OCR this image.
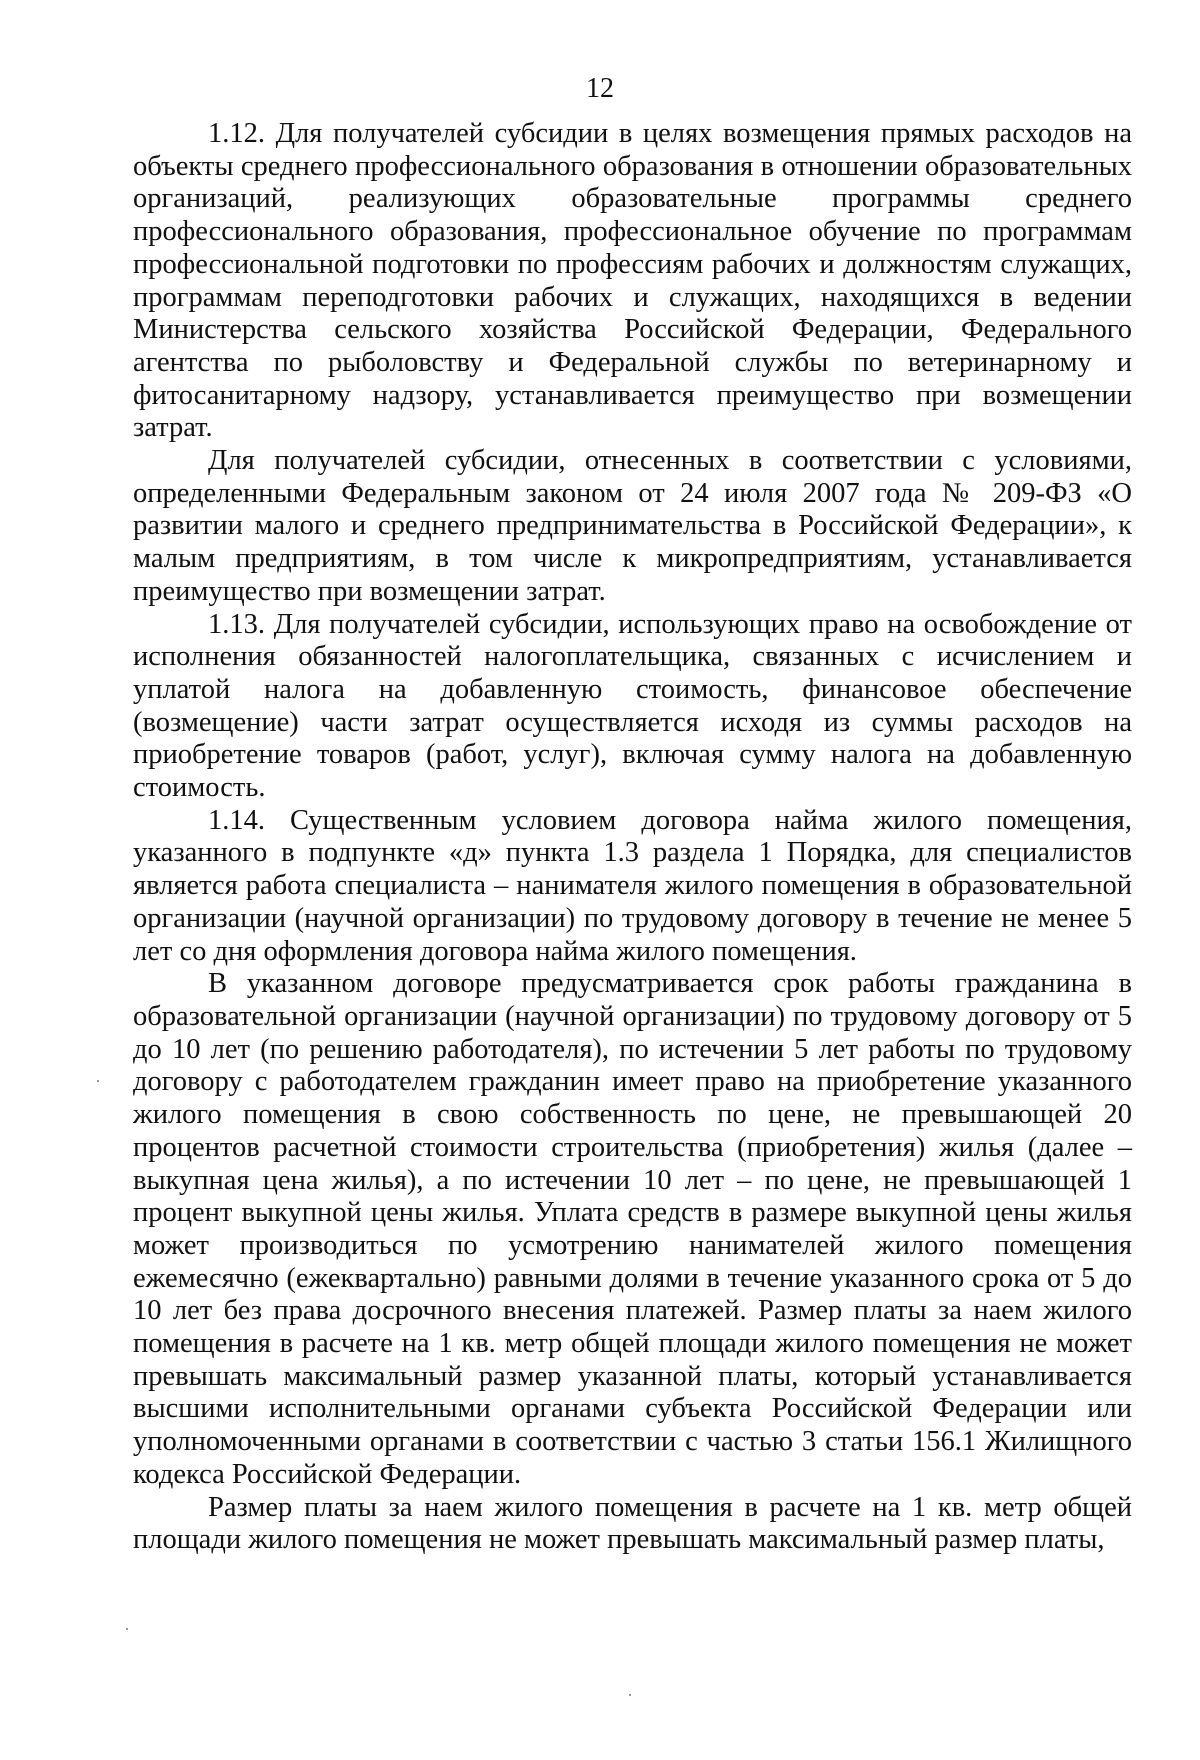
12

1.12. Для получателей субсидии в целях возмещения прямых расходов на объекты среднего профессионального образования в отношении образовательных организаций, реализующих образовательные программы среднего профессионального образования, профессиональное обучение по программам профессиональной подготовки по профессиям рабочих и должностям служащих, программам переподготовки рабочих и служащих, находящихся в ведении Министерства сельского хозяйства Российской Федерации, Федерального агентства по рыболовству и Федеральной службы по ветеринарному и фитосанитарному надзору, устанавливается преимущество при возмещении затрат.

Для получателей субсидии, отнесенных в соответствии с условиями, определенными Федеральным законом от 24 июля 2007 года № 209-ФЗ «О развитии малого и среднего предпринимательства в Российской Федерации», к малым предприятиям, в том числе к микропредприятиям, устанавливается преимущество при возмещении затрат.

1.13. Для получателей субсидии, использующих право на освобождение от исполнения обязанностей налогоплательщика, связанных с исчислением и уплатой налога на добавленную стоимость, финансовое обеспечение (возмещение) части затрат осуществляется исходя из суммы расходов на приобретение товаров (работ, услуг), включая сумму налога на добавленную стоимость.

1.14. Существенным условием договора найма жилого помещения, указанного в подпункте «д» пункта 1.3 раздела 1 Порядка, для специалистов является работа специалиста – нанимателя жилого помещения в образовательной организации (научной организации) по трудовому договору в течение не менее 5 лет со дня оформления договора найма жилого помещения.

В указанном договоре предусматривается срок работы гражданина в образовательной организации (научной организации) по трудовому договору от 5 до 10 лет (по решению работодателя), по истечении 5 лет работы по трудовому договору с работодателем гражданин имеет право на приобретение указанного жилого помещения в свою собственность по цене, не превышающей 20 процентов расчетной стоимости строительства (приобретения) жилья (далее – выкупная цена жилья), а по истечении 10 лет – по цене, не превышающей 1 процент выкупной цены жилья. Уплата средств в размере выкупной цены жилья может производиться по усмотрению нанимателей жилого помещения ежемесячно (ежеквартально) равными долями в течение указанного срока от 5 до 10 лет без права досрочного внесения платежей. Размер платы за наем жилого помещения в расчете на 1 кв. метр общей площади жилого помещения не может превышать максимальный размер указанной платы, который устанавливается высшими исполнительными органами субъекта Российской Федерации или уполномоченными органами в соответствии с частью 3 статьи 156.1 Жилищного кодекса Российской Федерации.

Размер платы за наем жилого помещения в расчете на 1 кв. метр общей площади жилого помещения не может превышать максимальный размер платы,
